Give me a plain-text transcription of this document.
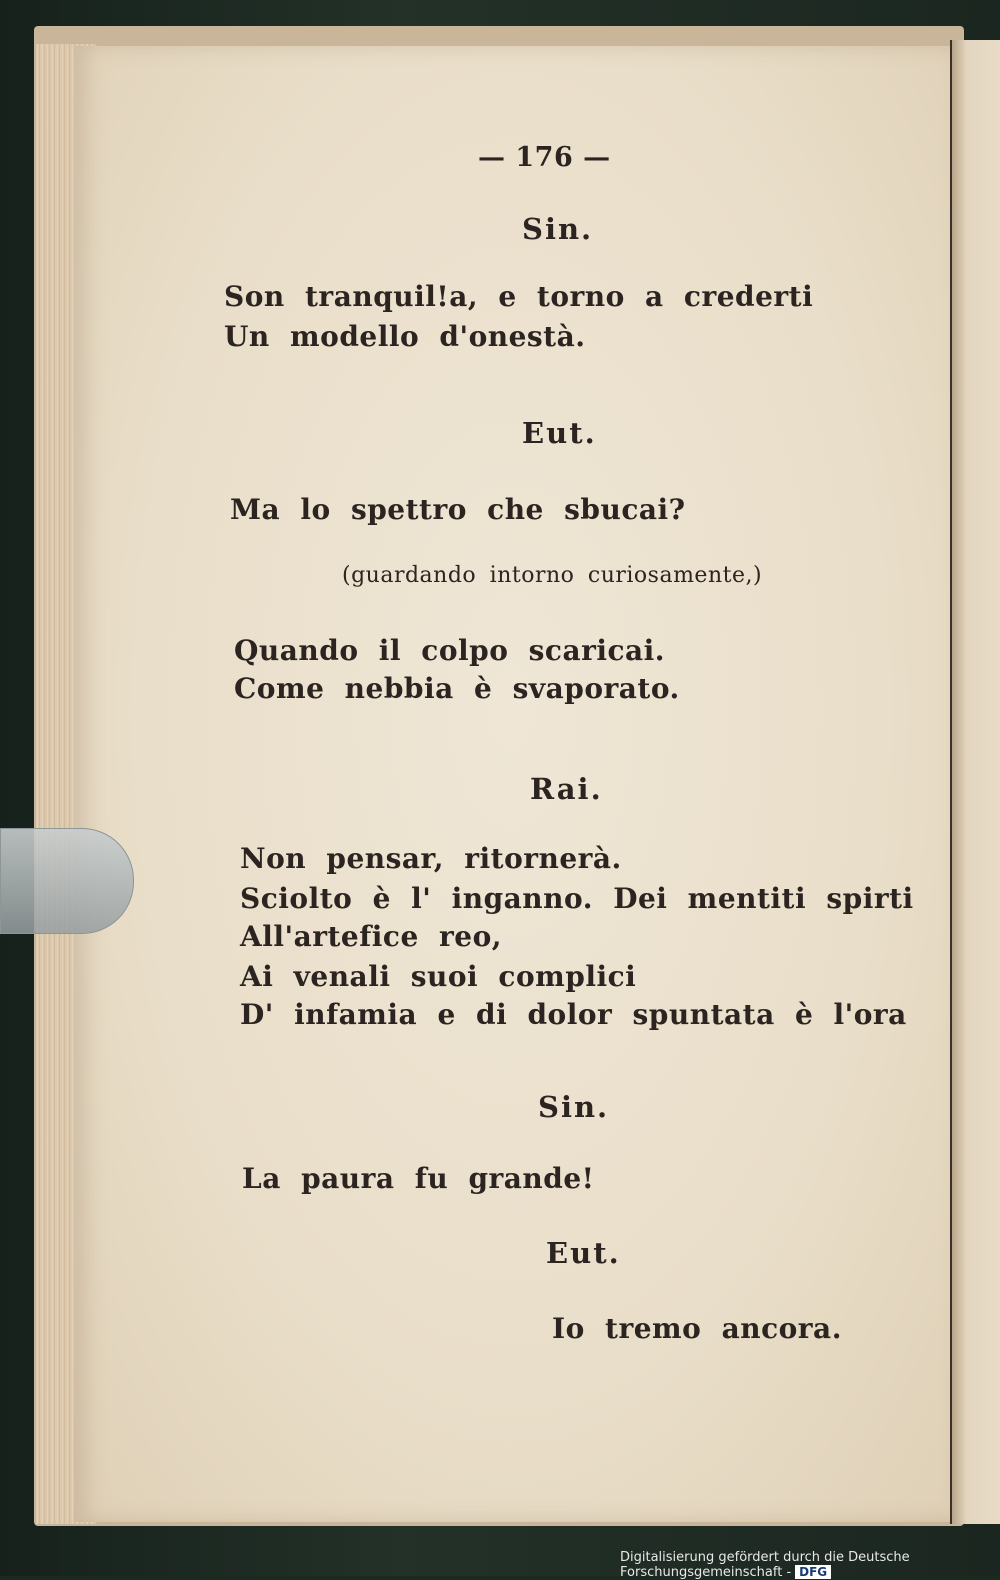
— 176 —
Sin.
Son tranquil!a, e torno a crederti
Un modello d'onestà.
Eut.
Ma lo spettro che sbucai?
(guardando intorno curiosamente,)
Quando il colpo scaricai.
Come nebbia è svaporato.
Rai.
Non pensar, ritornerà.
Sciolto è l' inganno. Dei mentiti spirti
All'artefice reo,
Ai venali suoi complici
D' infamia e di dolor spuntata è l'ora
Sin.
La paura fu grande!
Eut.
Io tremo ancora.
Digitalisierung gefördert durch die Deutsche Forschungsgemeinschaft - DFG
